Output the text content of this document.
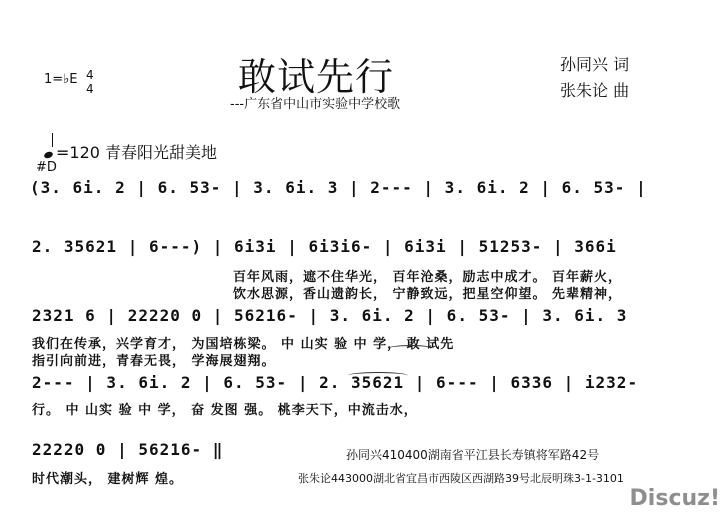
敢试先行
---广东省中山市实验中学校歌
孙同兴 词
张朱论 曲
1=♭E 4
4
=120 青春阳光甜美地
#D
(3. 6i. 2 | 6. 53- | 3. 6i. 3 | 2--- | 3. 6i. 2 | 6. 53- |
2. 35621 | 6---) | 6i3i | 6i3i6- | 6i3i | 51253- | 366i
百年风雨，遮不住华光， 百年沧桑，励志中成才。 百年薪火，
饮水思源，香山遗韵长， 宁静致远，把星空仰望。 先辈精神，
2321 6 | 22220 0 | 56216- | 3. 6i. 2 | 6. 53- | 3. 6i. 3
我们在传承，兴学育才， 为国培栋梁。 中 山实 验 中 学， 敢 试先
指引向前进，青春无畏， 学海展翅翔。
2--- | 3. 6i. 2 | 6. 53- | 2. 35621 | 6--- | 6336 | i232-
行。 中 山实 验 中 学， 奋 发图 强。 桃李天下，中流击水，
22220 0 | 56216- ‖
时代潮头， 建树辉 煌。
孙同兴410400湖南省平江县长寿镇将军路42号
张朱论443000湖北省宜昌市西陵区西湖路39号北辰明珠3-1-3101
Discuz!
